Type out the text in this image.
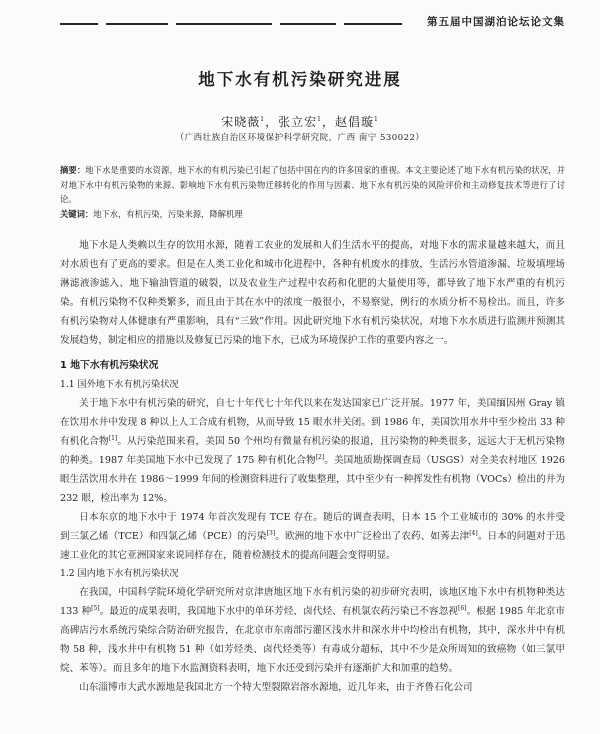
第五届中国湖泊论坛论文集
地下水有机污染研究进展
宋晓薇$^1$，张立宏$^1$，赵倡璇$^1$
（广西壮族自治区环境保护科学研究院，广西 南宁 530022）
摘要：地下水是重要的水资源，地下水的有机污染已引起了包括中国在内的许多国家的重视。本文主要论述了地下水有机污染的状况，并对地下水中有机污染物的来源、影响地下水有机污染物迁移转化的作用与因素、地下水有机污染的风险评价和主动修复技术等进行了讨论。
关键词：地下水，有机污染，污染来源，降解机理

地下水是人类赖以生存的饮用水源，随着工农业的发展和人们生活水平的提高，对地下水的需求量越来越大，而且对水质也有了更高的要求。但是在人类工业化和城市化进程中，各种有机废水的排放，生活污水管道渗漏、垃圾填埋场淋滤液渗滤入、地下输油管道的破裂，以及农业生产过程中农药和化肥的大量使用等，都导致了地下水严重的有机污染。有机污染物不仅种类繁多，而且由于其在水中的浓度一般很小，不易察觉，例行的水质分析不易检出。而且，许多有机污染物对人体健康有严重影响，具有“三致”作用。因此研究地下水有机污染状况，对地下水水质进行监测并预测其发展趋势，制定相应的措施以及修复已污染的地下水，已成为环境保护工作的重要内容之一。

1 地下水有机污染状况
1.1 国外地下水有机污染状况

关于地下水中有机污染的研究，自七十年代七十年代以来在发达国家已广泛开展。1977 年，美国缅因州 Gray 镇在饮用水井中发现 8 种以上人工合成有机物，从而导致 15 眼水井关闭。到 1986 年，美国饮用水井中至少检出 33 种有机化合物[1]。从污染范围来看，美国 50 个州均有微量有机污染的报道，且污染物的种类很多，远远大于无机污染物的种类。1987 年美国地下水中已发现了 175 种有机化合物[2]。美国地质勘探调查局（USGS）对全美农村地区 1926 眼生活饮用水井在 1986～1999 年间的检测资料进行了收集整理，其中至少有一种挥发性有机物（VOCs）检出的井为 232 眼，检出率为 12%。

日本东京的地下水中于 1974 年首次发现有 TCE 存在。随后的调查表明，日本 15 个工业城市的 30% 的水井受到三氯乙烯（TCE）和四氯乙烯（PCE）的污染[3]。欧洲的地下水中广泛检出了农药、如莠去津[4]。日本的问题对于迅速工业化的其它亚洲国家来说同样存在，随着检测技术的提高问题会变得明显。

1.2 国内地下水有机污染状况

在我国，中国科学院环境化学研究所对京津唐地区地下水有机污染的初步研究表明，该地区地下水中有机物种类达 133 种[5]。最近的成果表明，我国地下水中的单环芳烃、卤代烃、有机氯农药污染已不容忽视[6]。根据 1985 年北京市高碑店污水系统污染综合防治研究报告，在北京市东南部污灌区浅水井和深水井中均检出有机物，其中，深水井中有机物 58 种，浅水井中有机物 51 种（如芳烃类、卤代烃类等）有毒成分超标，其中不少是众所周知的致癌物（如三氯甲烷、苯等）。而且多年的地下水监测资料表明，地下水还受到污染并有逐渐扩大和加重的趋势。

山东淄博市大武水源地是我国北方一个特大型裂隙岩溶水源地，近几年来，由于齐鲁石化公司
